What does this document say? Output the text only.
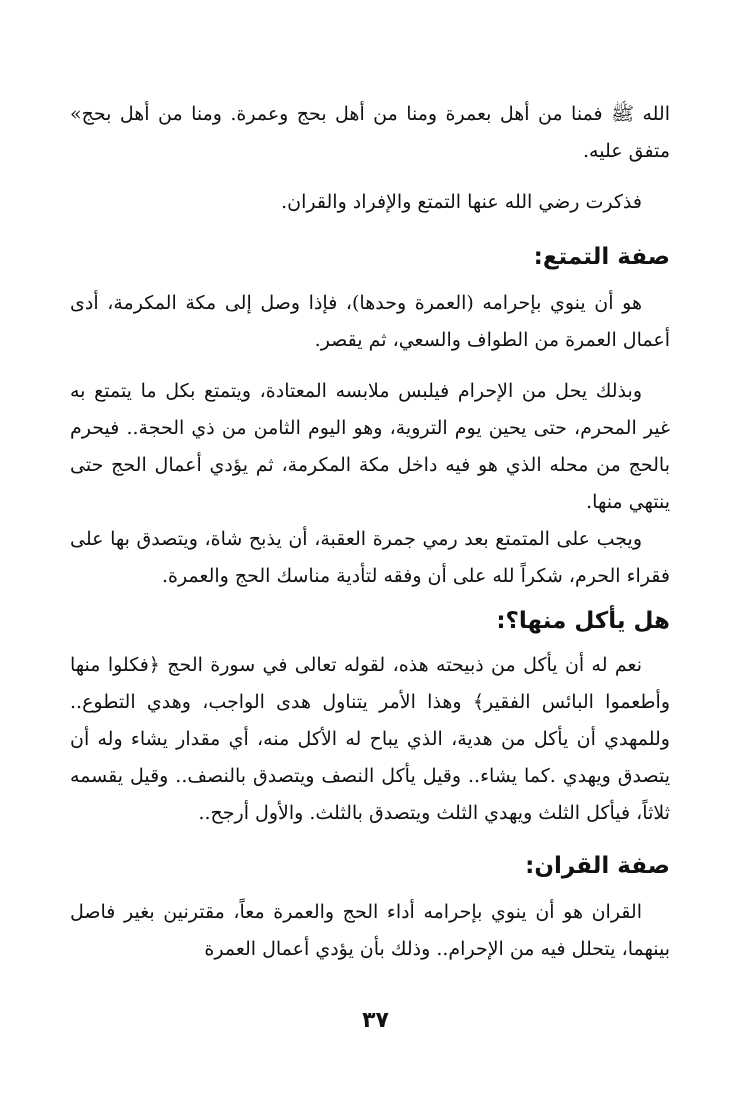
الله ﷺ فمنا من أهل بعمرة ومنا من أهل بحج وعمرة. ومنا من أهل بحج» متفق عليه.

فذكرت رضي الله عنها التمتع والإفراد والقران.

صفة التمتع:

هو أن ينوي بإحرامه (العمرة وحدها)، فإذا وصل إلى مكة المكرمة، أدى أعمال العمرة من الطواف والسعي، ثم يقصر.

وبذلك يحل من الإحرام فيلبس ملابسه المعتادة، ويتمتع بكل ما يتمتع به غير المحرم، حتى يحين يوم التروية، وهو اليوم الثامن من ذي الحجة.. فيحرم بالحج من محله الذي هو فيه داخل مكة المكرمة، ثم يؤدي أعمال الحج حتى ينتهي منها.

ويجب على المتمتع بعد رمي جمرة العقبة، أن يذبح شاة، ويتصدق بها على فقراء الحرم، شكراً لله على أن وفقه لتأدية مناسك الحج والعمرة.

هل يأكل منها؟:

نعم له أن يأكل من ذبيحته هذه، لقوله تعالى في سورة الحج ﴿فكلوا منها وأطعموا البائس الفقير﴾ وهذا الأمر يتناول هدى الواجب، وهدي التطوع.. وللمهدي أن يأكل من هدية، الذي يباح له الأكل منه، أي مقدار يشاء وله أن يتصدق ويهدي .كما يشاء.. وقيل يأكل النصف ويتصدق بالنصف.. وقيل يقسمه ثلاثاً، فيأكل الثلث ويهدي الثلث ويتصدق بالثلث. والأول أرجح..

صفة القران:

القران هو أن ينوي بإحرامه أداء الحج والعمرة معاً، مقترنين بغير فاصل بينهما، يتحلل فيه من الإحرام.. وذلك بأن يؤدي أعمال العمرة

٣٧
